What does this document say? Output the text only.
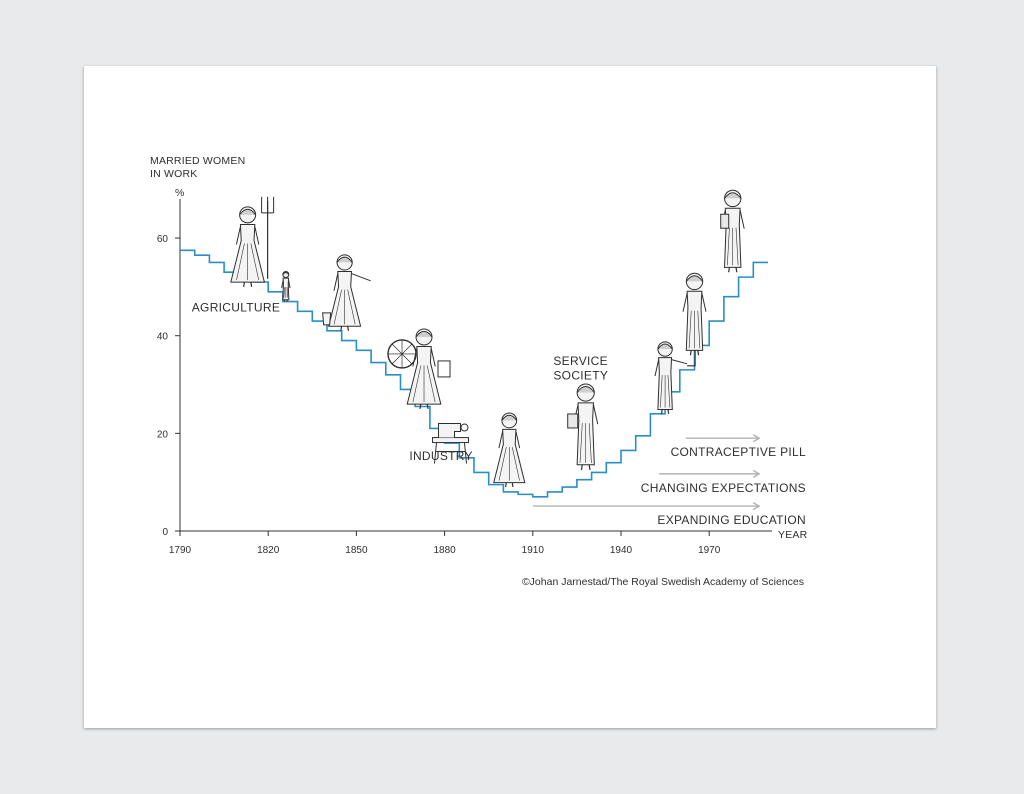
1790	1820	1850	1880	1910	1940	1970
0
20
40
60
CONTRACEPTIVE PILL
CHANGING EXPECTATIONS
EXPANDING EDUCATION
MARRIED WOMEN
IN WORK
%
YEAR
©Johan Jarnestad/The Royal Swedish Academy of Sciences
AGRICULTURE
INDUSTRY
SERVICE
SOCIETY
